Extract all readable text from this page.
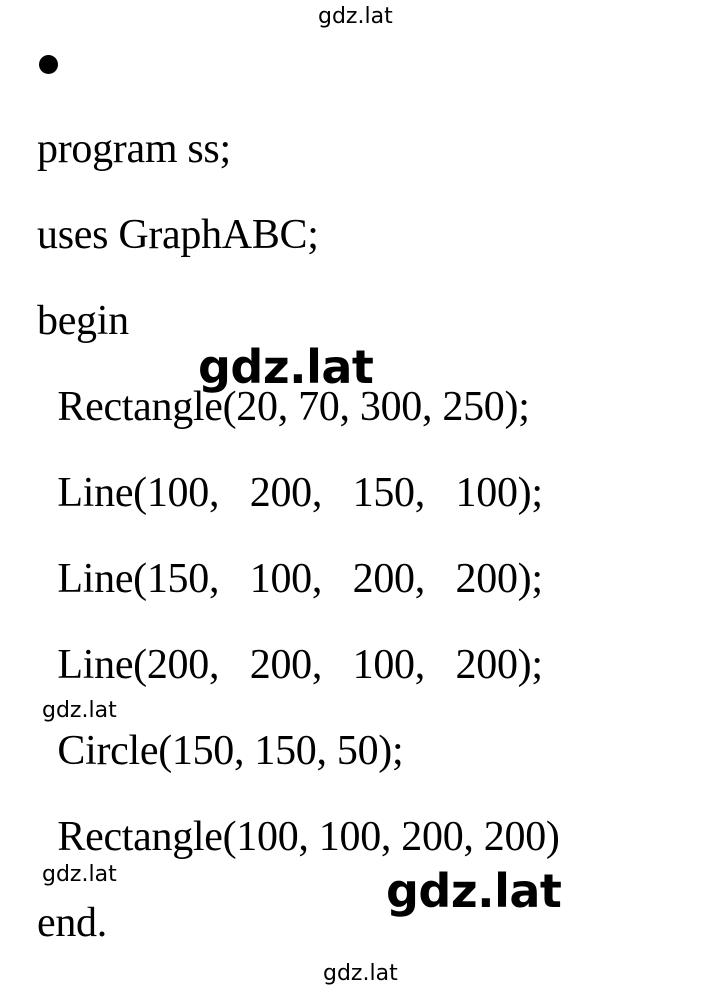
gdz.lat
program ss;
uses GraphABC;
begin
gdz.lat
Rectangle(20, 70, 300, 250);
Line(100,   200,   150,   100);
Line(150,   100,   200,   200);
Line(200,   200,   100,   200);
gdz.lat
Circle(150, 150, 50);
Rectangle(100, 100, 200, 200)
gdz.lat	gdz.lat
end.
gdz.lat
